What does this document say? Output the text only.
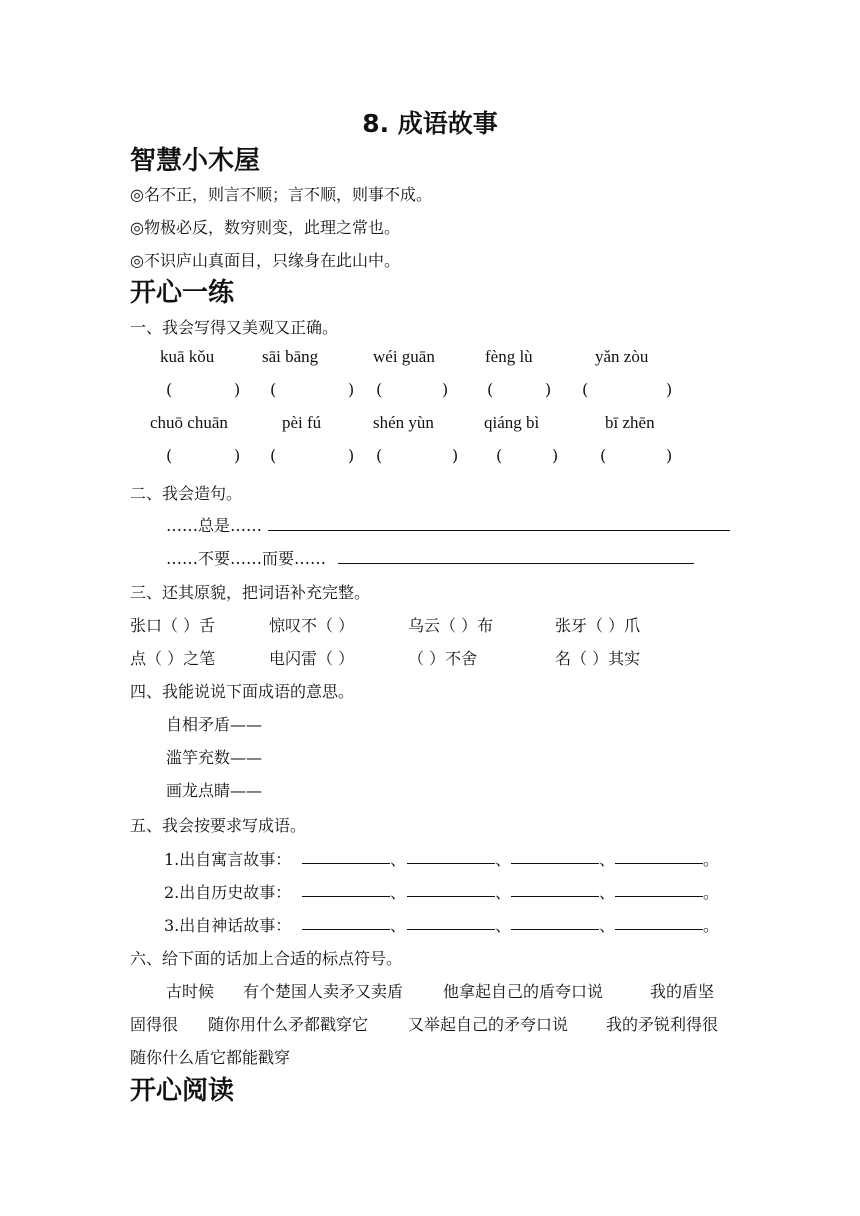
8. 成语故事
智慧小木屋
◎名不正，则言不顺；言不顺，则事不成。
◎物极必反，数穷则变，此理之常也。
◎不识庐山真面目，只缘身在此山中。
开心一练
一、我会写得又美观又正确。
kuā kǒu	sāi bāng	wéi guān	fèng lù	yǎn zòu
(	) (	) (	) (	) (	)
chuō chuān	pèi fú	shén yùn	qiáng bì	bī zhēn
(	) (	) (	) (	)	(	)
二、我会造句。
……总是……
……不要……而要……
三、还其原貌，把词语补充完整。
张口（ ）舌	惊叹不（ ）	乌云（ ）布	张牙（ ）爪
点（ ）之笔	电闪雷（ ）	（ ）不舍	名（ ）其实
四、我能说说下面成语的意思。
自相矛盾——
滥竽充数——
画龙点睛——
五、我会按要求写成语。
1.出自寓言故事：	、	、	、	。
2.出自历史故事：	、	、	、	。
3.出自神话故事：	、	、	、	。
六、给下面的话加上合适的标点符号。
古时候 有个楚国人卖矛又卖盾 他拿起自己的盾夸口说	我的盾坚
固得很 随你用什么矛都戳穿它 又举起自己的矛夸口说 我的矛锐利得很
随你什么盾它都能戳穿
开心阅读
